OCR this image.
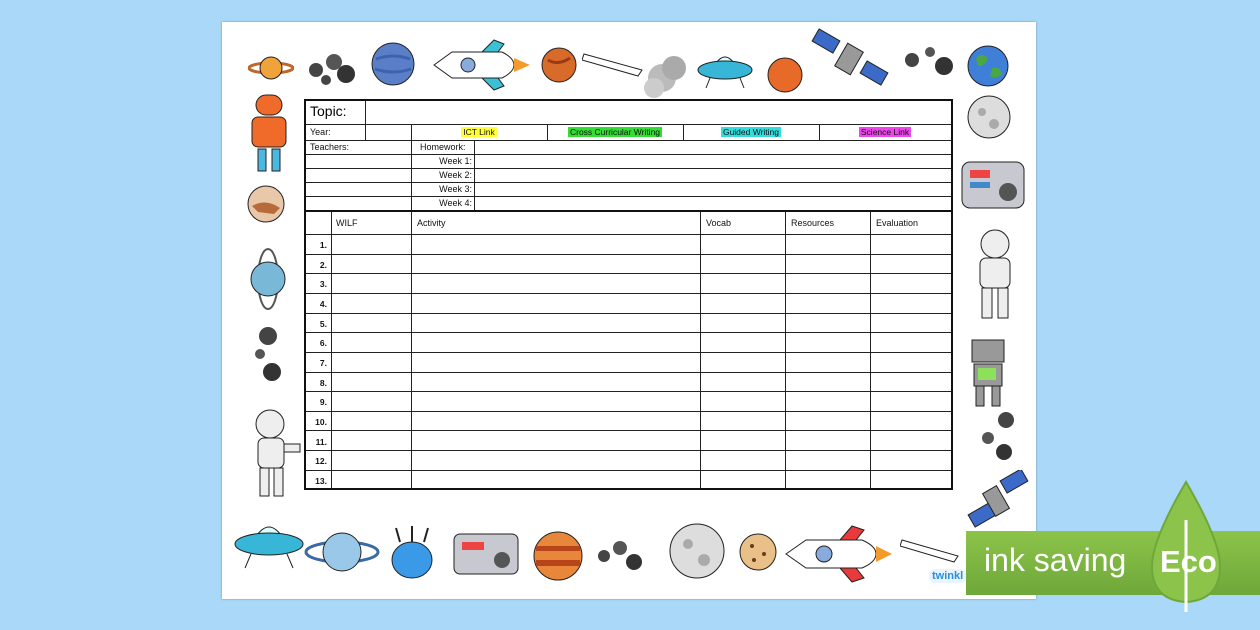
Topic:
Year:	ICT Link	Cross Curricular Writing	Guided Writing	Science Link
Teachers:	Homework:
Week 1:
Week 2:
Week 3:
Week 4:
WILF	Activity	Vocab	Resources	Evaluation
1.
2.
3.
4.
5.
6.
7.
8.
9.
10.
11.
12.
13.
twinkl ink saving Eco
